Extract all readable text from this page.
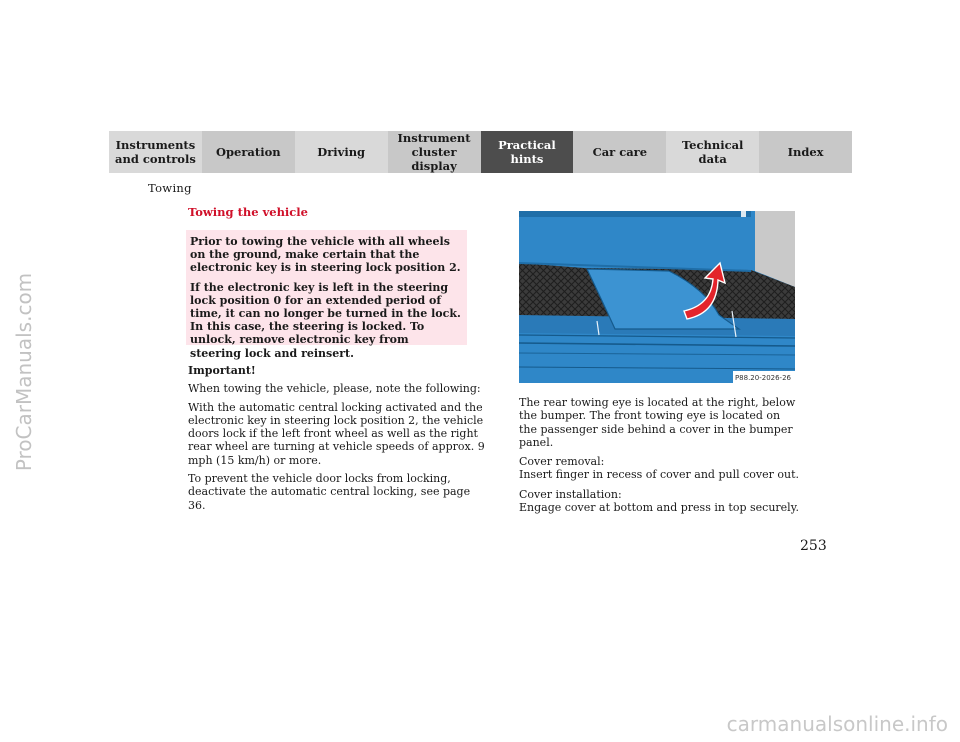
Instruments
and controls	Operation	Driving
Instrument
cluster display
Practical hints	Car care	Technical
data	Index
Towing
Towing the vehicle

Prior to towing the vehicle with all wheels on the ground, make certain that the electronic key is in steering lock position 2.

If the electronic key is left in the steering lock position 0 for an extended period of time, it can no longer be turned in the lock. In this case, the steering is locked. To unlock, remove electronic key from steering lock and reinsert.

Important!

When towing the vehicle, please, note the following:

With the automatic central locking activated and the electronic key in steering lock position 2, the vehicle doors lock if the left front wheel as well as the right rear wheel are turning at vehicle speeds of approx. 9 mph (15 km/h) or more.

To prevent the vehicle door locks from locking, deactivate the automatic central locking, see page 36.

P88.20-2026-26

The rear towing eye is located at the right, below the bumper. The front towing eye is located on the passenger side behind a cover in the bumper panel.

Cover removal:
Insert finger in recess of cover and pull cover out.

Cover installation:
Engage cover at bottom and press in top securely.

253
ProCarManuals.com
carmanualsonline.info
